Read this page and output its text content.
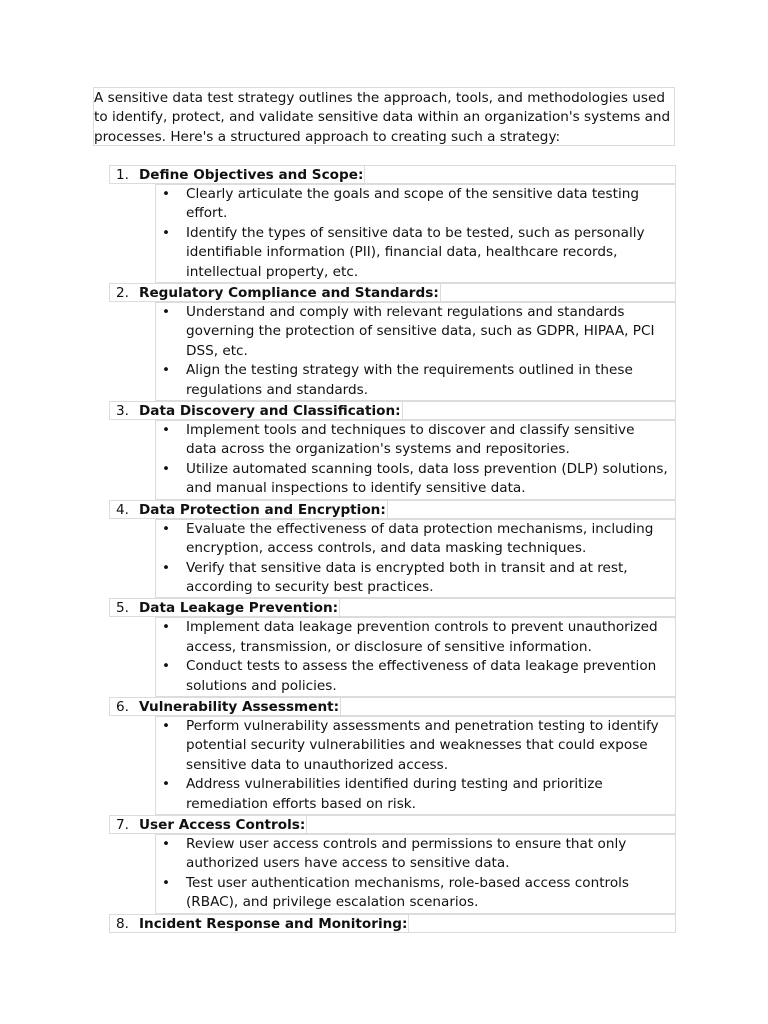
A sensitive data test strategy outlines the approach, tools, and methodologies used to identify, protect, and validate sensitive data within an organization's systems and processes. Here's a structured approach to creating such a strategy:
1. Define Objectives and Scope:
• Clearly articulate the goals and scope of the sensitive data testing effort.
• Identify the types of sensitive data to be tested, such as personally identifiable information (PII), financial data, healthcare records, intellectual property, etc.
2. Regulatory Compliance and Standards:
• Understand and comply with relevant regulations and standards governing the protection of sensitive data, such as GDPR, HIPAA, PCI DSS, etc.
• Align the testing strategy with the requirements outlined in these regulations and standards.
3. Data Discovery and Classification:
• Implement tools and techniques to discover and classify sensitive data across the organization's systems and repositories.
• Utilize automated scanning tools, data loss prevention (DLP) solutions, and manual inspections to identify sensitive data.
4. Data Protection and Encryption:
• Evaluate the effectiveness of data protection mechanisms, including encryption, access controls, and data masking techniques.
• Verify that sensitive data is encrypted both in transit and at rest, according to security best practices.
5. Data Leakage Prevention:
• Implement data leakage prevention controls to prevent unauthorized access, transmission, or disclosure of sensitive information.
• Conduct tests to assess the effectiveness of data leakage prevention solutions and policies.
6. Vulnerability Assessment:
• Perform vulnerability assessments and penetration testing to identify potential security vulnerabilities and weaknesses that could expose sensitive data to unauthorized access.
• Address vulnerabilities identified during testing and prioritize remediation efforts based on risk.
7. User Access Controls:
• Review user access controls and permissions to ensure that only authorized users have access to sensitive data.
• Test user authentication mechanisms, role-based access controls (RBAC), and privilege escalation scenarios.
8. Incident Response and Monitoring:
